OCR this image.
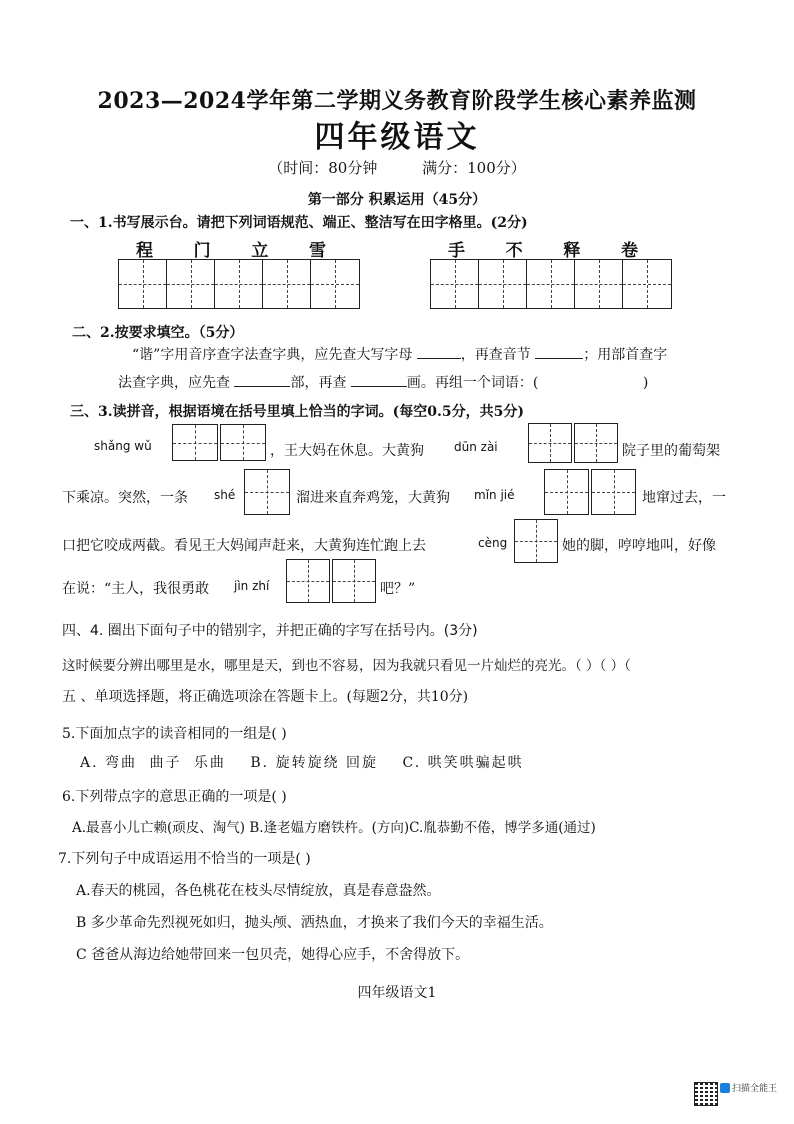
2023—2024学年第二学期义务教育阶段学生核心素养监测
四年级语文
（时间：80分钟	满分：100分）
第一部分 积累运用（45分）
一、1.书写展示台。请把下列词语规范、端正、整洁写在田字格里。(2分)
程 门 立 雪	手 不 释 卷
二、2.按要求填空。（5分）
“谐”字用音序查字法查字典，应先查大写字母	，再查音节	；用部首查字
法查字典，应先查	部，再查	画。再组一个词语：(	)
三、3.读拼音，根据语境在括号里填上恰当的字词。(每空0.5分，共5分)
shǎng wǔ	，王大妈在休息。大黄狗	dūn zài	院子里的葡萄架
下乘凉。突然，一条 shé	溜进来直奔鸡笼，大黄狗 mǐn jié	地窜过去，一
口把它咬成两截。看见王大妈闻声赶来，大黄狗连忙跑上去	cèng	她的脚，哼哼地叫，好像
在说：“主人，我很勇敢 jìn zhí	吧？”
四、4. 圈出下面句子中的错别字，并把正确的字写在括号内。(3分)
这时候要分辨出哪里是水，哪里是天，到也不容易，因为我就只看见一片灿烂的亮光。（ ）（ ）（
五 、单项选择题，将正确选项涂在答题卡上。(每题2分，共10分)
5.下面加点字的读音相同的一组是( )
A. 弯曲 曲子 乐曲 B. 旋转旋绕 回旋 C. 哄笑哄骗起哄
6.下列带点字的意思正确的一项是( )
A.最喜小儿亡赖(顽皮、淘气) B.逢老媪方磨铁杵。(方向)C.胤恭勤不倦，博学多通(通过)
7.下列句子中成语运用不恰当的一项是( )
A.春天的桃园，各色桃花在枝头尽情绽放，真是春意盎然。
B 多少革命先烈视死如归，抛头颅、洒热血，才换来了我们今天的幸福生活。
C 爸爸从海边给她带回来一包贝壳，她得心应手，不舍得放下。
四年级语文1
扫描全能王
